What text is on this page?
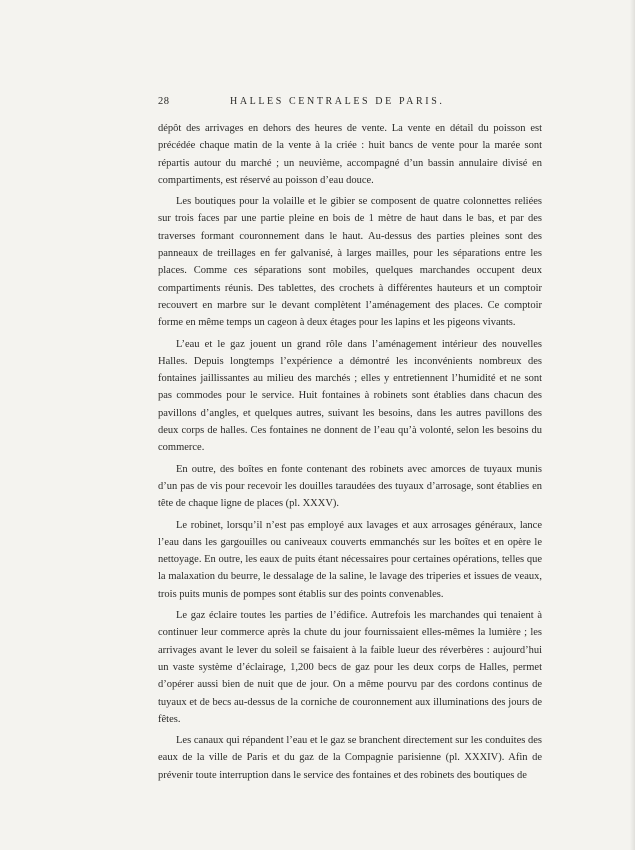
28	HALLES CENTRALES DE PARIS.

dépôt des arrivages en dehors des heures de vente. La vente en détail du poisson est précédée chaque matin de la vente à la criée : huit bancs de vente pour la marée sont répartis autour du marché ; un neuvième, accompagné d’un bassin annulaire divisé en compartiments, est réservé au poisson d’eau douce.

Les boutiques pour la volaille et le gibier se composent de quatre colonnettes reliées sur trois faces par une partie pleine en bois de 1 mètre de haut dans le bas, et par des traverses formant couronnement dans le haut. Au-dessus des parties pleines sont des panneaux de treillages en fer galvanisé, à larges mailles, pour les séparations entre les places. Comme ces séparations sont mobiles, quelques marchandes occupent deux compartiments réunis. Des tablettes, des crochets à différentes hauteurs et un comptoir recouvert en marbre sur le devant complètent l’aménagement des places. Ce comptoir forme en même temps un cageon à deux étages pour les lapins et les pigeons vivants.

L’eau et le gaz jouent un grand rôle dans l’aménagement intérieur des nouvelles Halles. Depuis longtemps l’expérience a démontré les inconvénients nombreux des fontaines jaillissantes au milieu des marchés ; elles y entretiennent l’humidité et ne sont pas commodes pour le service. Huit fontaines à robinets sont établies dans chacun des pavillons d’angles, et quelques autres, suivant les besoins, dans les autres pavillons des deux corps de halles. Ces fontaines ne donnent de l’eau qu’à volonté, selon les besoins du commerce.

En outre, des boîtes en fonte contenant des robinets avec amorces de tuyaux munis d’un pas de vis pour recevoir les douilles taraudées des tuyaux d’arrosage, sont établies en tête de chaque ligne de places (pl. XXXV).

Le robinet, lorsqu’il n’est pas employé aux lavages et aux arrosages généraux, lance l’eau dans les gargouilles ou caniveaux couverts emmanchés sur les boîtes et en opère le nettoyage. En outre, les eaux de puits étant nécessaires pour certaines opérations, telles que la malaxation du beurre, le dessalage de la saline, le lavage des triperies et issues de veaux, trois puits munis de pompes sont établis sur des points convenables.

Le gaz éclaire toutes les parties de l’édifice. Autrefois les marchandes qui tenaient à continuer leur commerce après la chute du jour fournissaient elles-mêmes la lumière ; les arrivages avant le lever du soleil se faisaient à la faible lueur des réverbères : aujourd’hui un vaste système d’éclairage, 1,200 becs de gaz pour les deux corps de Halles, permet d’opérer aussi bien de nuit que de jour. On a même pourvu par des cordons continus de tuyaux et de becs au-dessus de la corniche de couronnement aux illuminations des jours de fêtes.

Les canaux qui répandent l’eau et le gaz se branchent directement sur les conduites des eaux de la ville de Paris et du gaz de la Compagnie parisienne (pl. XXXIV). Afin de prévenir toute interruption dans le service des fontaines et des robinets des boutiques de
